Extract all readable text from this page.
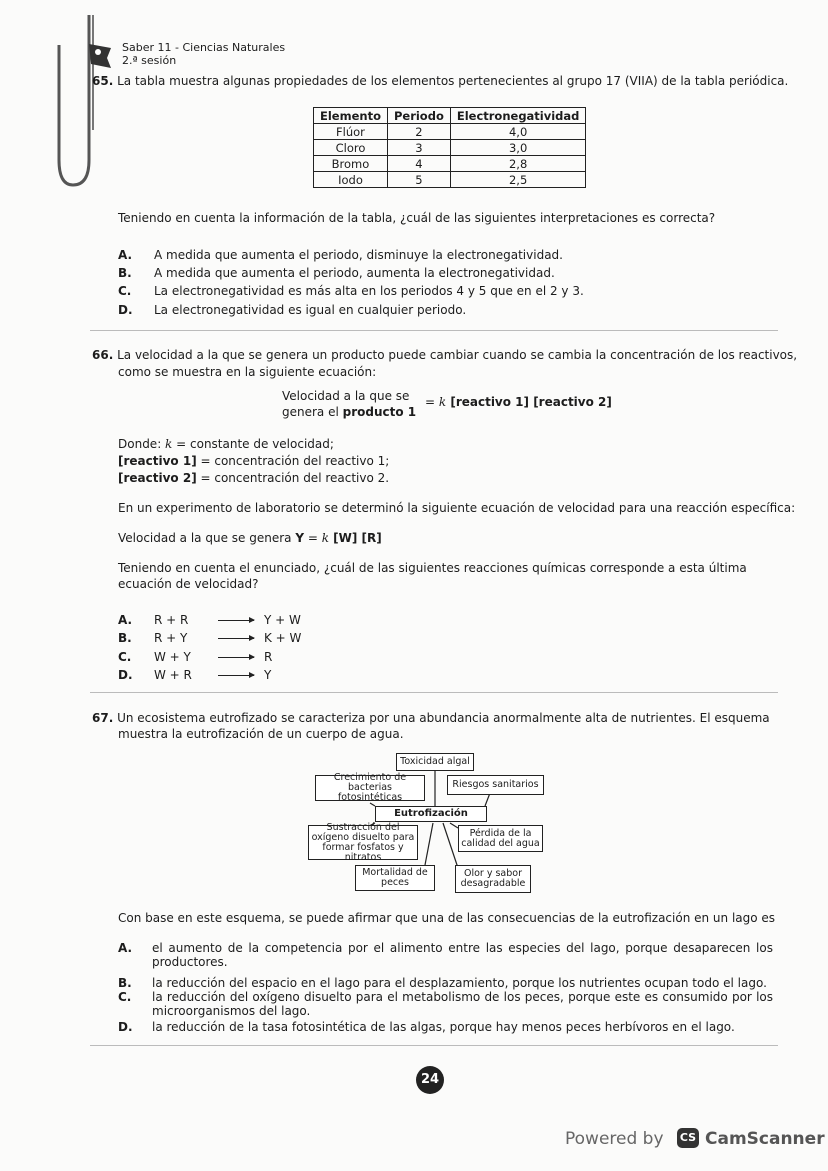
Saber 11 - Ciencias Naturales
2.ª sesión
65. La tabla muestra algunas propiedades de los elementos pertenecientes al grupo 17 (VIIA) de la tabla periódica.
Elemento	Periodo	Electronegatividad
Flúor	2	4,0
Cloro	3	3,0
Bromo	4	2,8
Iodo	5	2,5
Teniendo en cuenta la información de la tabla, ¿cuál de las siguientes interpretaciones es correcta?
A. A medida que aumenta el periodo, disminuye la electronegatividad.
B. A medida que aumenta el periodo, aumenta la electronegatividad.
C. La electronegatividad es más alta en los periodos 4 y 5 que en el 2 y 3.
D. La electronegatividad es igual en cualquier periodo.
66. La velocidad a la que se genera un producto puede cambiar cuando se cambia la concentración de los reactivos,
como se muestra en la siguiente ecuación:
Velocidad a la que se
genera el producto 1
= k [reactivo 1] [reactivo 2]
Donde: k = constante de velocidad;
[reactivo 1] = concentración del reactivo 1;
[reactivo 2] = concentración del reactivo 2.
En un experimento de laboratorio se determinó la siguiente ecuación de velocidad para una reacción específica:
Velocidad a la que se genera Y = k [W] [R]
Teniendo en cuenta el enunciado, ¿cuál de las siguientes reacciones químicas corresponde a esta última
ecuación de velocidad?
A. R + R	Y + W
B. R + Y	K + W
C. W + Y	R
D. W + R	Y
67. Un ecosistema eutrofizado se caracteriza por una abundancia anormalmente alta de nutrientes. El esquema
muestra la eutrofización de un cuerpo de agua.
Toxicidad algal
Crecimiento de bacterias fotosintéticas
Riesgos sanitarios
Eutrofización
Sustracción del oxígeno disuelto para formar fosfatos y nitratos
Pérdida de la calidad del agua
Mortalidad de peces
Olor y sabor desagradable
Con base en este esquema, se puede afirmar que una de las consecuencias de la eutrofización en un lago es
A. el aumento de la competencia por el alimento entre las especies del lago, porque desaparecen los productores.
B. la reducción del espacio en el lago para el desplazamiento, porque los nutrientes ocupan todo el lago.
C. la reducción del oxígeno disuelto para el metabolismo de los peces, porque este es consumido por los microorganismos del lago.
D. la reducción de la tasa fotosintética de las algas, porque hay menos peces herbívoros en el lago.
24
Powered by CS CamScanner
